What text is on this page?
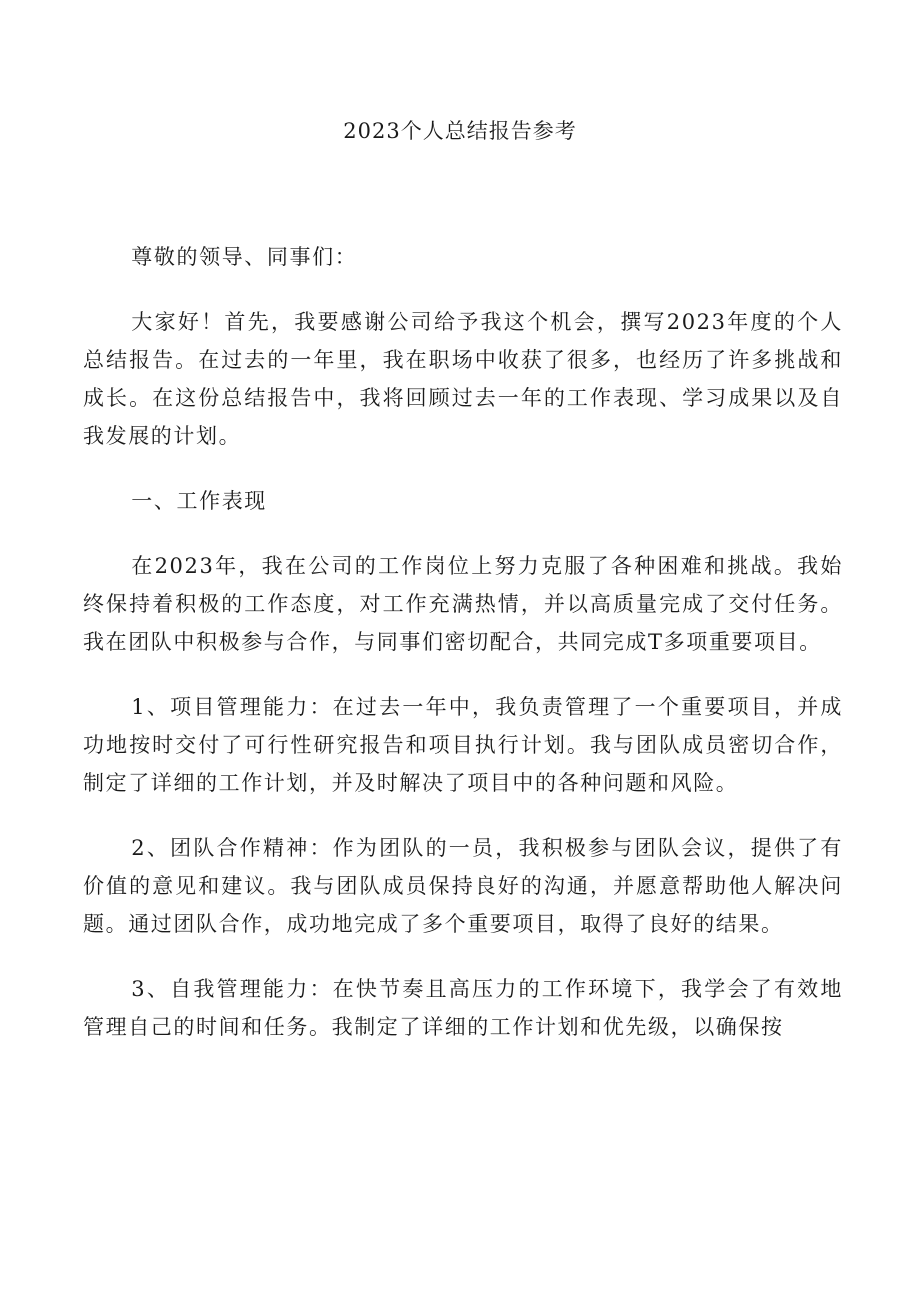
2023个人总结报告参考

尊敬的领导、同事们：

大家好！首先，我要感谢公司给予我这个机会，撰写2023年度的个人总结报告。在过去的一年里，我在职场中收获了很多，也经历了许多挑战和成长。在这份总结报告中，我将回顾过去一年的工作表现、学习成果以及自我发展的计划。

一、工作表现

在2023年，我在公司的工作岗位上努力克服了各种困难和挑战。我始终保持着积极的工作态度，对工作充满热情，并以高质量完成了交付任务。我在团队中积极参与合作，与同事们密切配合，共同完成T多项重要项目。

1、项目管理能力：在过去一年中，我负责管理了一个重要项目，并成功地按时交付了可行性研究报告和项目执行计划。我与团队成员密切合作，制定了详细的工作计划，并及时解决了项目中的各种问题和风险。

2、团队合作精神：作为团队的一员，我积极参与团队会议，提供了有价值的意见和建议。我与团队成员保持良好的沟通，并愿意帮助他人解决问题。通过团队合作，成功地完成了多个重要项目，取得了良好的结果。

3、自我管理能力：在快节奏且高压力的工作环境下，我学会了有效地管理自己的时间和任务。我制定了详细的工作计划和优先级，以确保按
